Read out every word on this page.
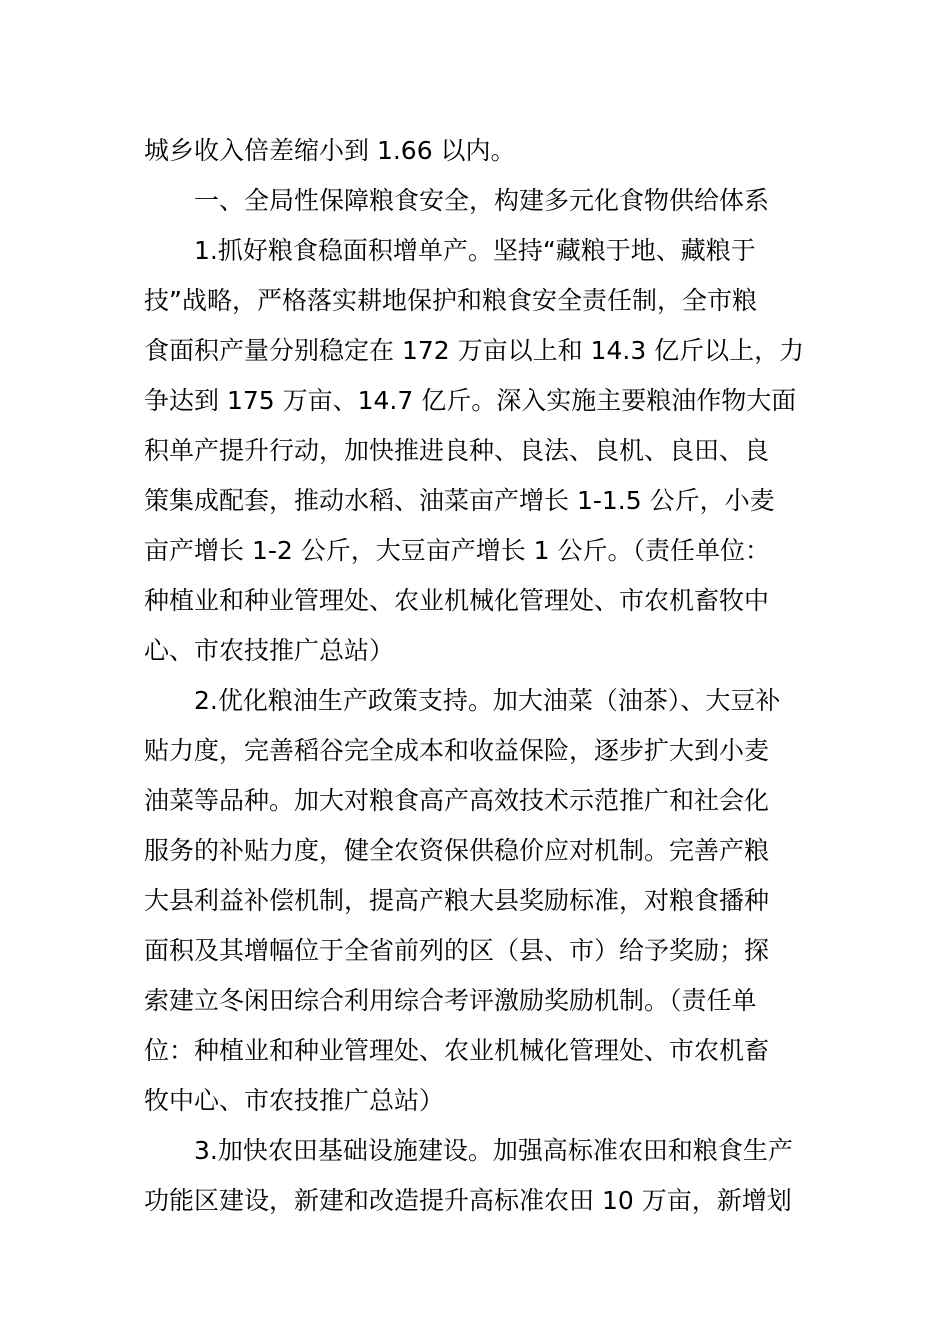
城乡收入倍差缩小到 1.66 以内。
一、全局性保障粮食安全，构建多元化食物供给体系
1.抓好粮食稳面积增单产。坚持“藏粮于地、藏粮于
技”战略，严格落实耕地保护和粮食安全责任制，全市粮
食面积产量分别稳定在 172 万亩以上和 14.3 亿斤以上，力
争达到 175 万亩、14.7 亿斤。深入实施主要粮油作物大面
积单产提升行动，加快推进良种、良法、良机、良田、良
策集成配套，推动水稻、油菜亩产增长 1-1.5 公斤，小麦
亩产增长 1-2 公斤，大豆亩产增长 1 公斤。（责任单位：
种植业和种业管理处、农业机械化管理处、市农机畜牧中
心、市农技推广总站）
2.优化粮油生产政策支持。加大油菜（油茶）、大豆补
贴力度，完善稻谷完全成本和收益保险，逐步扩大到小麦
油菜等品种。加大对粮食高产高效技术示范推广和社会化
服务的补贴力度，健全农资保供稳价应对机制。完善产粮
大县利益补偿机制，提高产粮大县奖励标准，对粮食播种
面积及其增幅位于全省前列的区（县、市）给予奖励；探
索建立冬闲田综合利用综合考评激励奖励机制。（责任单
位：种植业和种业管理处、农业机械化管理处、市农机畜
牧中心、市农技推广总站）
3.加快农田基础设施建设。加强高标准农田和粮食生产
功能区建设，新建和改造提升高标准农田 10 万亩，新增划
